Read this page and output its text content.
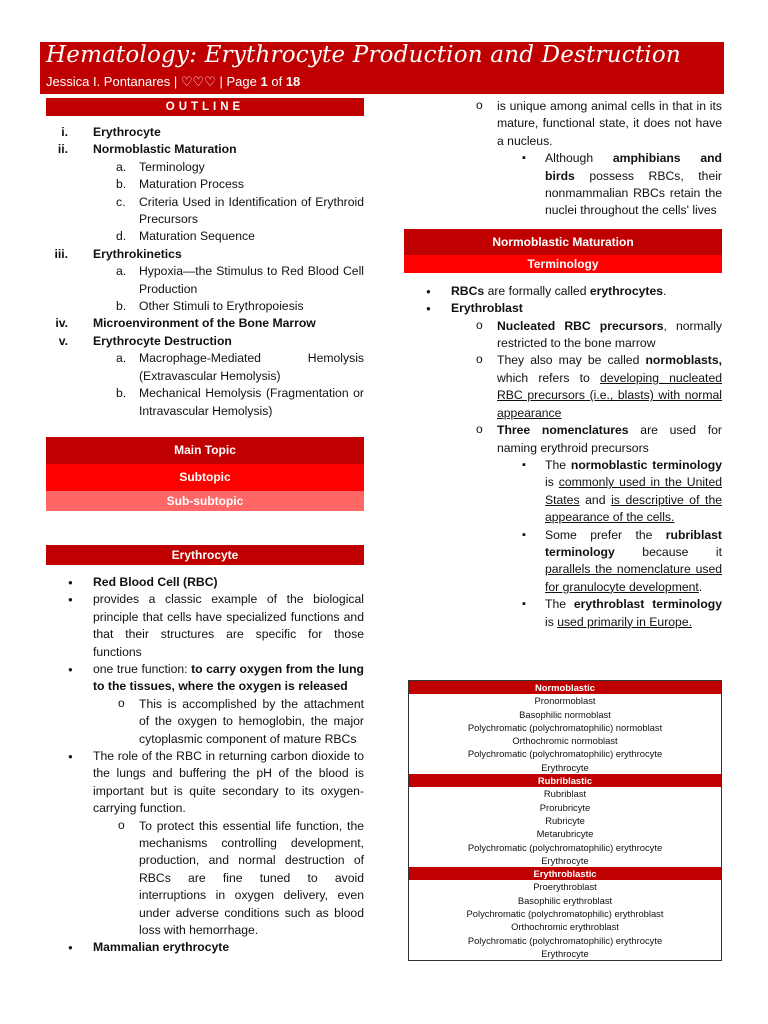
Hematology: Erythrocyte Production and Destruction
Jessica I. Pontanares | ♡♡♡ | Page 1 of 18
OUTLINE
i. Erythrocyte
ii. Normoblastic Maturation
a. Terminology
b. Maturation Process
c. Criteria Used in Identification of Erythroid Precursors
d. Maturation Sequence
iii. Erythrokinetics
a. Hypoxia—the Stimulus to Red Blood Cell Production
b. Other Stimuli to Erythropoiesis
iv. Microenvironment of the Bone Marrow
v. Erythrocyte Destruction
a. Macrophage-Mediated Hemolysis (Extravascular Hemolysis)
b. Mechanical Hemolysis (Fragmentation or Intravascular Hemolysis)
Main Topic
Subtopic
Sub-subtopic
Erythrocyte
● Red Blood Cell (RBC)
● provides a classic example of the biological principle that cells have specialized functions and that their structures are specific for those functions
● one true function: to carry oxygen from the lung to the tissues, where the oxygen is released
o This is accomplished by the attachment of the oxygen to hemoglobin, the major cytoplasmic component of mature RBCs
● The role of the RBC in returning carbon dioxide to the lungs and buffering the pH of the blood is important but is quite secondary to its oxygen-carrying function.
o To protect this essential life function, the mechanisms controlling development, production, and normal destruction of RBCs are fine tuned to avoid interruptions in oxygen delivery, even under adverse conditions such as blood loss with hemorrhage.
● Mammalian erythrocyte
o is unique among animal cells in that in its mature, functional state, it does not have a nucleus.
▪ Although amphibians and birds possess RBCs, their nonmammalian RBCs retain the nuclei throughout the cells' lives
Normoblastic Maturation
Terminology
● RBCs are formally called erythrocytes.
● Erythroblast
o Nucleated RBC precursors, normally restricted to the bone marrow
o They also may be called normoblasts, which refers to developing nucleated RBC precursors (i.e., blasts) with normal appearance
o Three nomenclatures are used for naming erythroid precursors
▪ The normoblastic terminology is commonly used in the United States and is descriptive of the appearance of the cells.
▪ Some prefer the rubriblast terminology because it parallels the nomenclature used for granulocyte development.
▪ The erythroblast terminology is used primarily in Europe.
Normoblastic
Pronormoblast
Basophilic normoblast
Polychromatic (polychromatophilic) normoblast
Orthochromic normoblast
Polychromatic (polychromatophilic) erythrocyte
Erythrocyte
Rubriblastic
Rubriblast
Prorubricyte
Rubricyte
Metarubricyte
Polychromatic (polychromatophilic) erythrocyte
Erythrocyte
Erythroblastic
Proerythroblast
Basophilic erythroblast
Polychromatic (polychromatophilic) erythroblast
Orthochromic erythroblast
Polychromatic (polychromatophilic) erythrocyte
Erythrocyte
